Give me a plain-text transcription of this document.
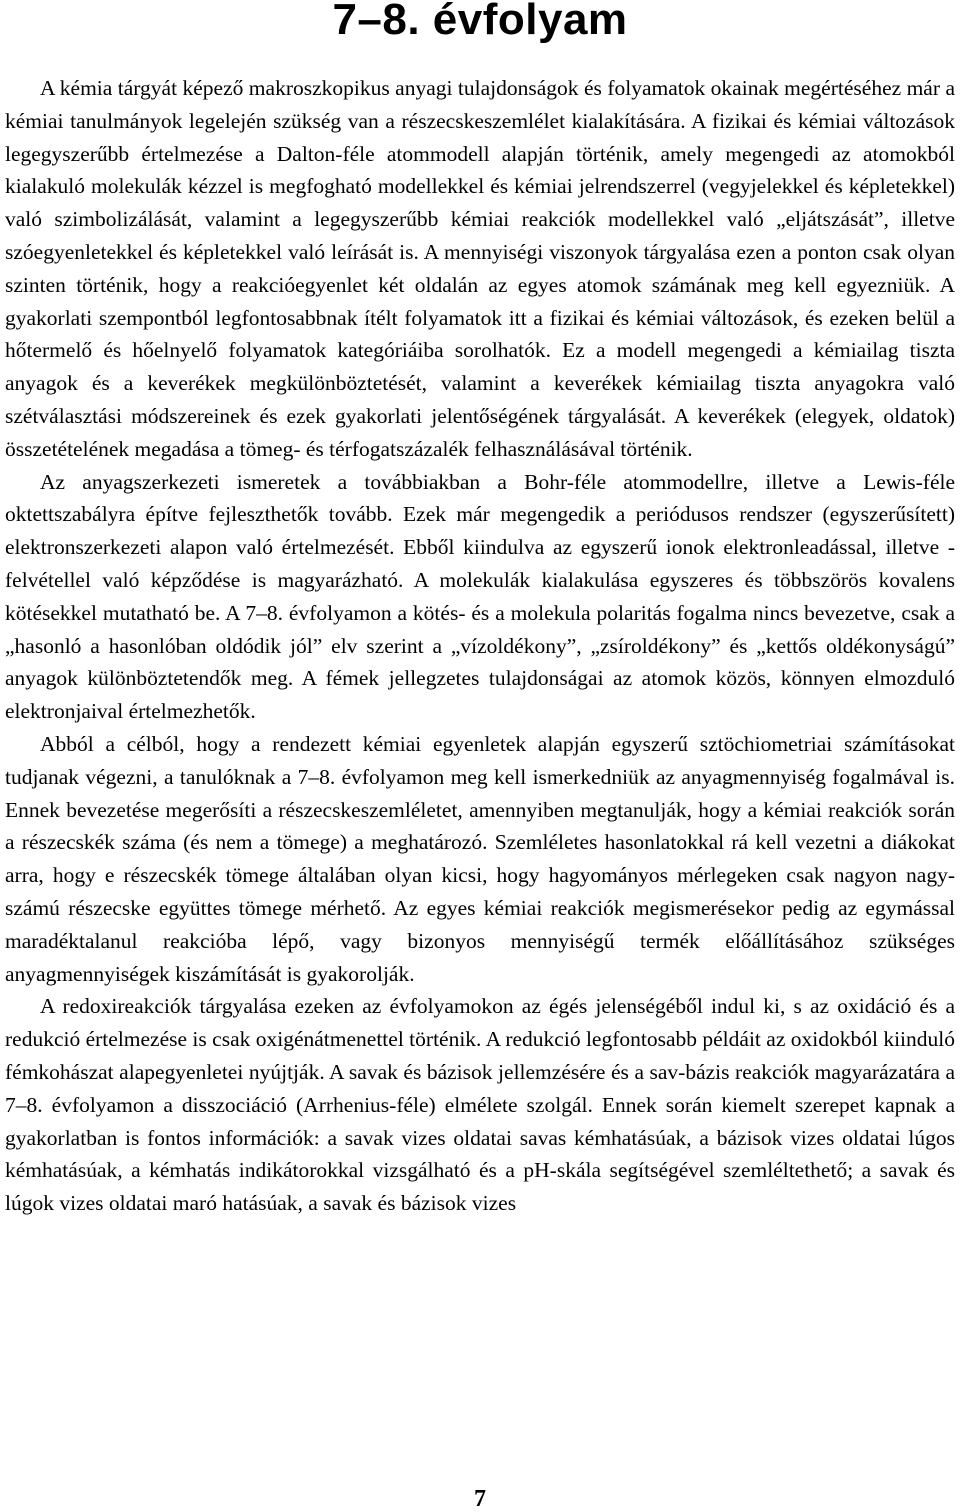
7–8. évfolyam

A kémia tárgyát képező makroszkopikus anyagi tulajdonságok és folyamatok okainak megértéséhez már a kémiai tanulmányok legelején szükség van a részecskeszemlélet kialakítására. A fizikai és kémiai változások legegyszerűbb értelmezése a Dalton-féle atommodell alapján történik, amely megengedi az atomokból kialakuló molekulák kézzel is megfogható modellekkel és kémiai jelrendszerrel (vegyjelekkel és képletekkel) való szimbolizálását, valamint a legegyszerűbb kémiai reakciók modellekkel való „eljátszását”, illetve szóegyenletekkel és képletekkel való leírását is. A mennyiségi viszonyok tárgyalása ezen a ponton csak olyan szinten történik, hogy a reakcióegyenlet két oldalán az egyes atomok számának meg kell egyezniük. A gyakorlati szempontból legfontosabbnak ítélt folyamatok itt a fizikai és kémiai változások, és ezeken belül a hőtermelő és hőelnyelő folyamatok kategóriáiba sorolhatók. Ez a modell megengedi a kémiailag tiszta anyagok és a keverékek megkülönböztetését, valamint a keverékek kémiailag tiszta anyagokra való szétválasztási módszereinek és ezek gyakorlati jelentőségének tárgyalását. A keverékek (elegyek, oldatok) összetételének megadása a tömeg- és térfogatszázalék felhasználásával történik.

Az anyagszerkezeti ismeretek a továbbiakban a Bohr-féle atommodellre, illetve a Lewis-féle oktettszabályra építve fejleszthetők tovább. Ezek már megengedik a periódusos rendszer (egyszerűsített) elektronszerkezeti alapon való értelmezését. Ebből kiindulva az egyszerű ionok elektronleadással, illetve -felvétellel való képződése is magyarázható. A molekulák kialakulása egyszeres és többszörös kovalens kötésekkel mutatható be. A 7–8. évfolyamon a kötés- és a molekula polaritás fogalma nincs bevezetve, csak a „hasonló a hasonlóban oldódik jól” elv szerint a „vízoldékony”, „zsíroldékony” és „kettős oldékonyságú” anyagok különböztetendők meg. A fémek jellegzetes tulajdonságai az atomok közös, könnyen elmozduló elektronjaival értelmezhetők.

Abból a célból, hogy a rendezett kémiai egyenletek alapján egyszerű sztöchiometriai számításokat tudjanak végezni, a tanulóknak a 7–8. évfolyamon meg kell ismerkedniük az anyagmennyiség fogalmával is. Ennek bevezetése megerősíti a részecskeszemléletet, amennyiben megtanulják, hogy a kémiai reakciók során a részecskék száma (és nem a tömege) a meghatározó. Szemléletes hasonlatokkal rá kell vezetni a diákokat arra, hogy e részecskék tömege általában olyan kicsi, hogy hagyományos mérlegeken csak nagyon nagy-számú részecske együttes tömege mérhető. Az egyes kémiai reakciók megismerésekor pedig az egymással maradéktalanul reakcióba lépő, vagy bizonyos mennyiségű termék előállításához szükséges anyagmennyiségek kiszámítását is gyakorolják.

A redoxireakciók tárgyalása ezeken az évfolyamokon az égés jelenségéből indul ki, s az oxidáció és a redukció értelmezése is csak oxigénátmenettel történik. A redukció legfontosabb példáit az oxidokból kiinduló fémkohászat alapegyenletei nyújtják. A savak és bázisok jellemzésére és a sav-bázis reakciók magyarázatára a 7–8. évfolyamon a disszociáció (Arrhenius-féle) elmélete szolgál. Ennek során kiemelt szerepet kapnak a gyakorlatban is fontos információk: a savak vizes oldatai savas kémhatásúak, a bázisok vizes oldatai lúgos kémhatásúak, a kémhatás indikátorokkal vizsgálható és a pH-skála segítségével szemléltethető; a savak és lúgok vizes oldatai maró hatásúak, a savak és bázisok vizes

7
